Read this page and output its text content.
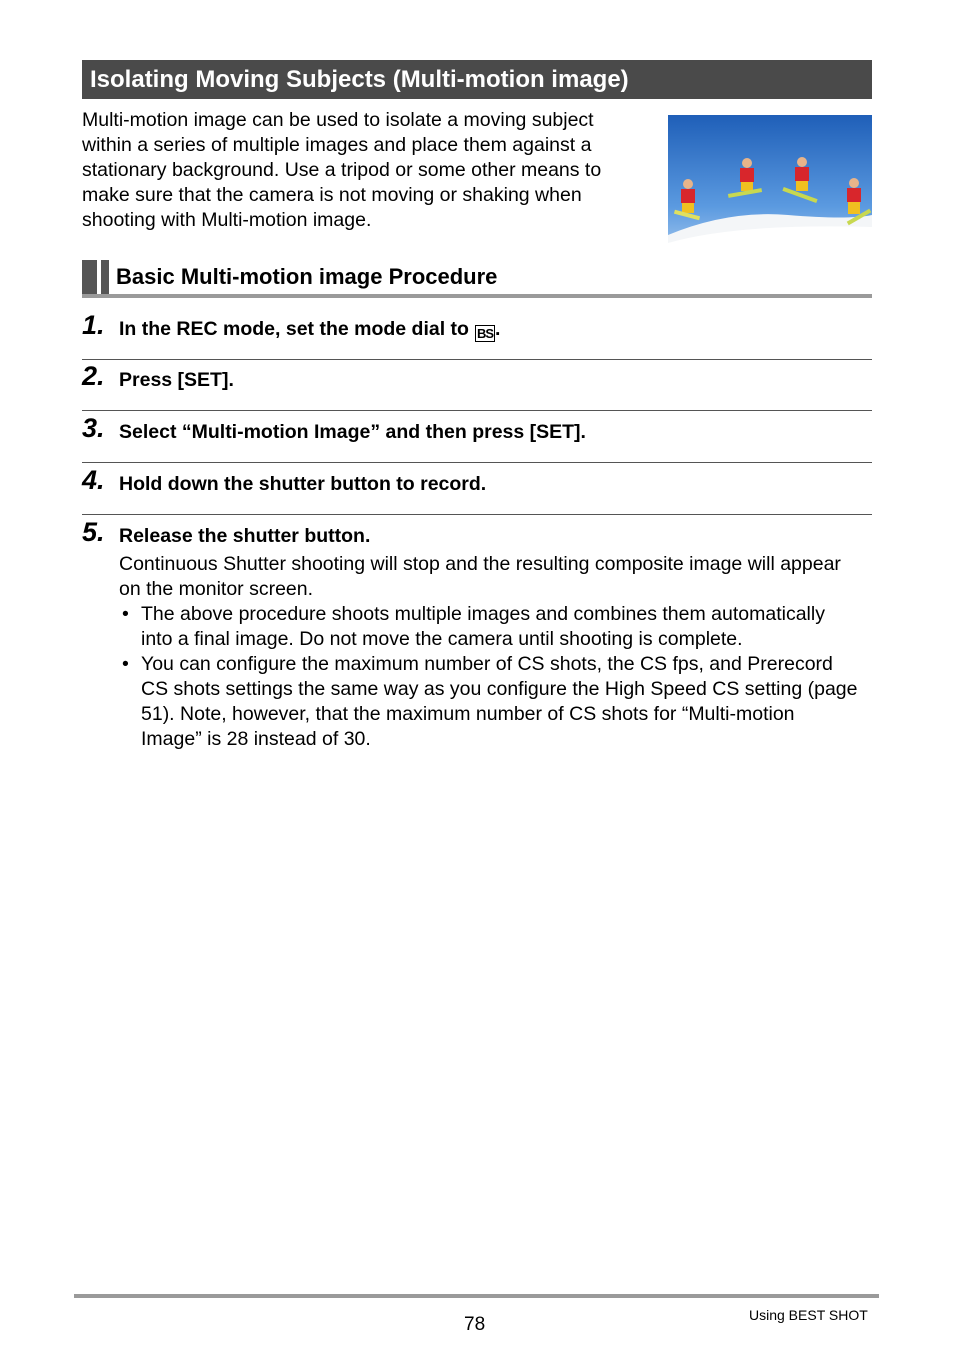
Isolating Moving Subjects (Multi-motion image)
Multi-motion image can be used to isolate a moving subject within a series of multiple images and place them against a stationary background. Use a tripod or some other means to make sure that the camera is not moving or shaking when shooting with Multi-motion image.
Basic Multi-motion image Procedure
1. In the REC mode, set the mode dial to BS .
2. Press [SET].
3. Select “Multi-motion Image” and then press [SET].
4. Hold down the shutter button to record.
5. Release the shutter button.
Continuous Shutter shooting will stop and the resulting composite image will appear on the monitor screen.
• The above procedure shoots multiple images and combines them automatically into a final image. Do not move the camera until shooting is complete.
• You can configure the maximum number of CS shots, the CS fps, and Prerecord CS shots settings the same way as you configure the High Speed CS setting (page 51). Note, however, that the maximum number of CS shots for “Multi-motion Image” is 28 instead of 30.
78	Using BEST SHOT
